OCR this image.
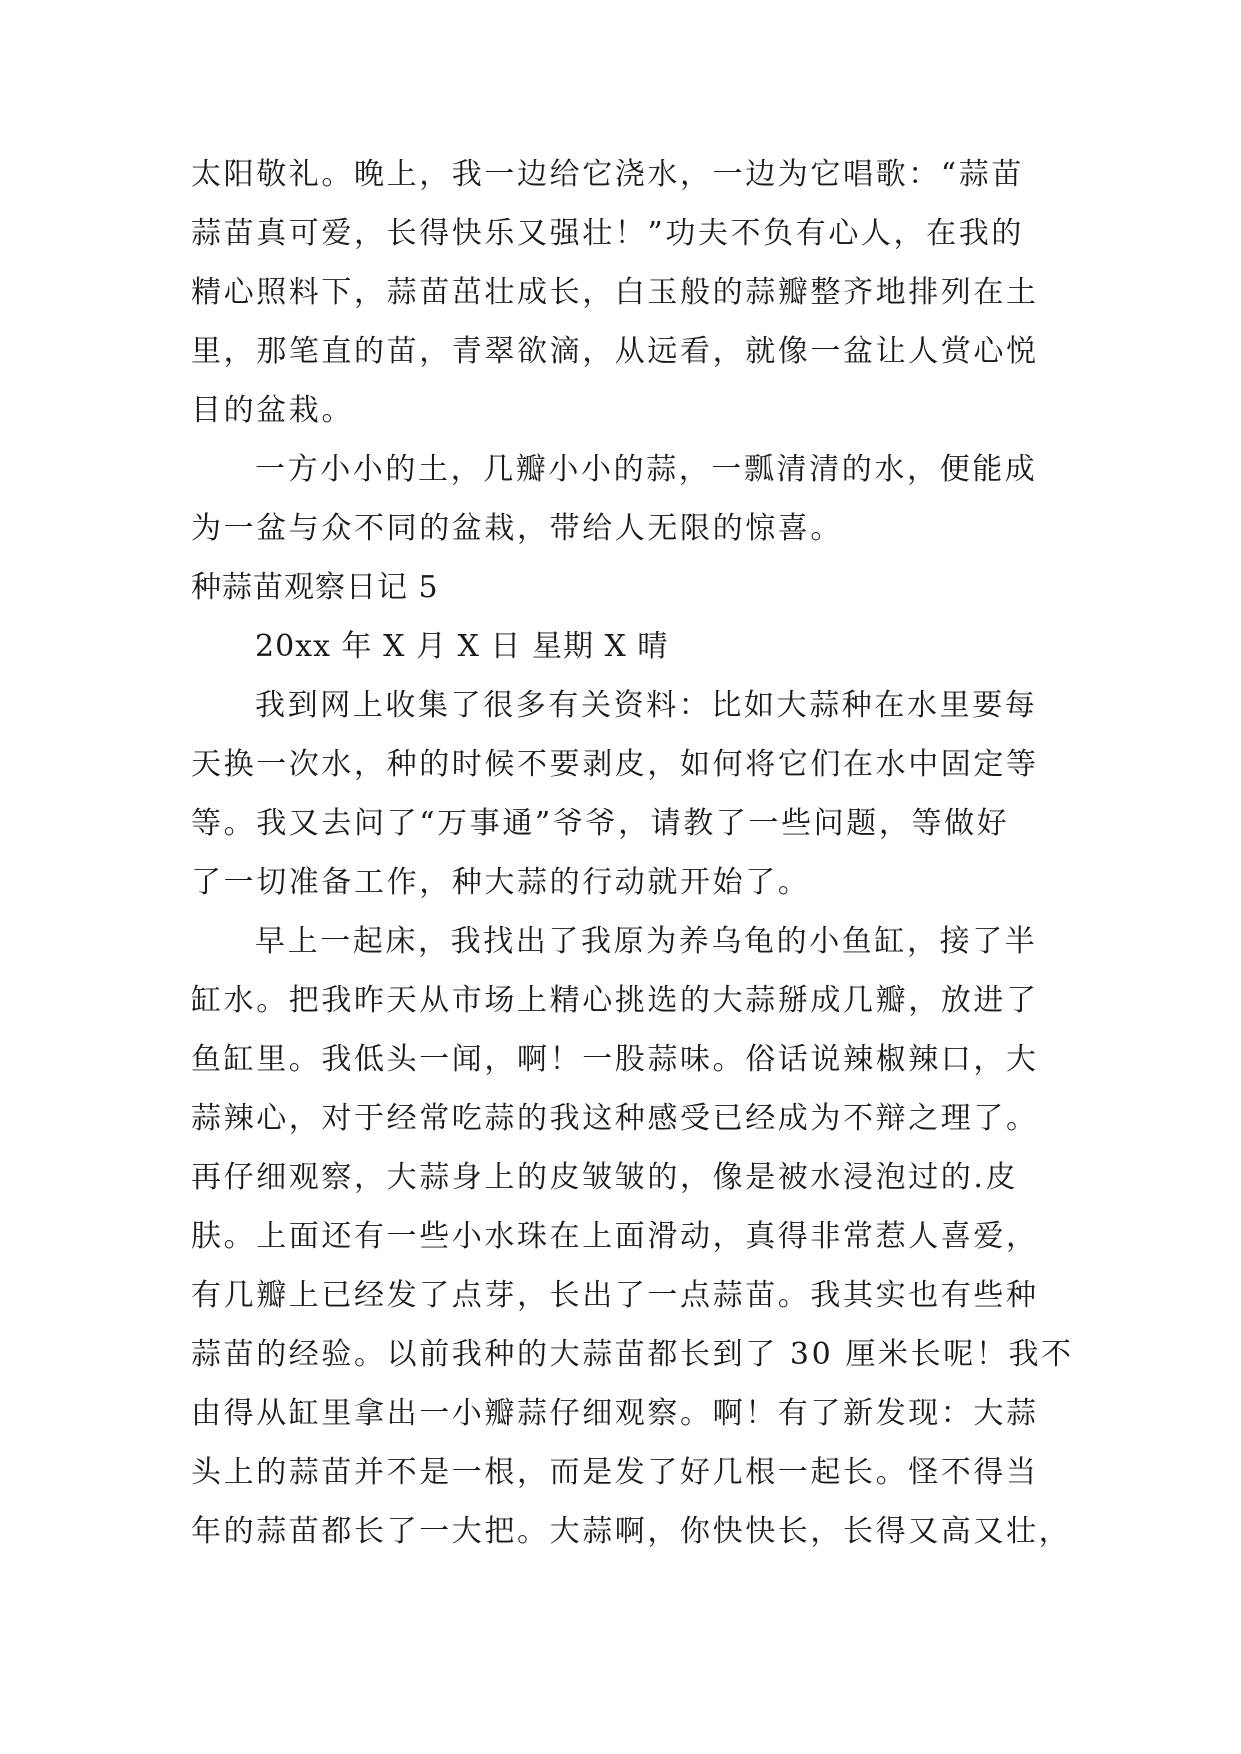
太阳敬礼。晚上，我一边给它浇水，一边为它唱歌：“蒜苗
蒜苗真可爱，长得快乐又强壮！”功夫不负有心人，在我的
精心照料下，蒜苗茁壮成长，白玉般的蒜瓣整齐地排列在土
里，那笔直的苗，青翠欲滴，从远看，就像一盆让人赏心悦
目的盆栽。
一方小小的土，几瓣小小的蒜，一瓢清清的水，便能成
为一盆与众不同的盆栽，带给人无限的惊喜。
种蒜苗观察日记 5
20xx 年 X 月 X 日 星期 X 晴
我到网上收集了很多有关资料：比如大蒜种在水里要每
天换一次水，种的时候不要剥皮，如何将它们在水中固定等
等。我又去问了“万事通”爷爷，请教了一些问题，等做好
了一切准备工作，种大蒜的行动就开始了。
早上一起床，我找出了我原为养乌龟的小鱼缸，接了半
缸水。把我昨天从市场上精心挑选的大蒜掰成几瓣，放进了
鱼缸里。我低头一闻，啊！一股蒜味。俗话说辣椒辣口，大
蒜辣心，对于经常吃蒜的我这种感受已经成为不辩之理了。
再仔细观察，大蒜身上的皮皱皱的，像是被水浸泡过的.皮
肤。上面还有一些小水珠在上面滑动，真得非常惹人喜爱，
有几瓣上已经发了点芽，长出了一点蒜苗。我其实也有些种
蒜苗的经验。以前我种的大蒜苗都长到了 30 厘米长呢！我不
由得从缸里拿出一小瓣蒜仔细观察。啊！有了新发现：大蒜
头上的蒜苗并不是一根，而是发了好几根一起长。怪不得当
年的蒜苗都长了一大把。大蒜啊，你快快长，长得又高又壮，
